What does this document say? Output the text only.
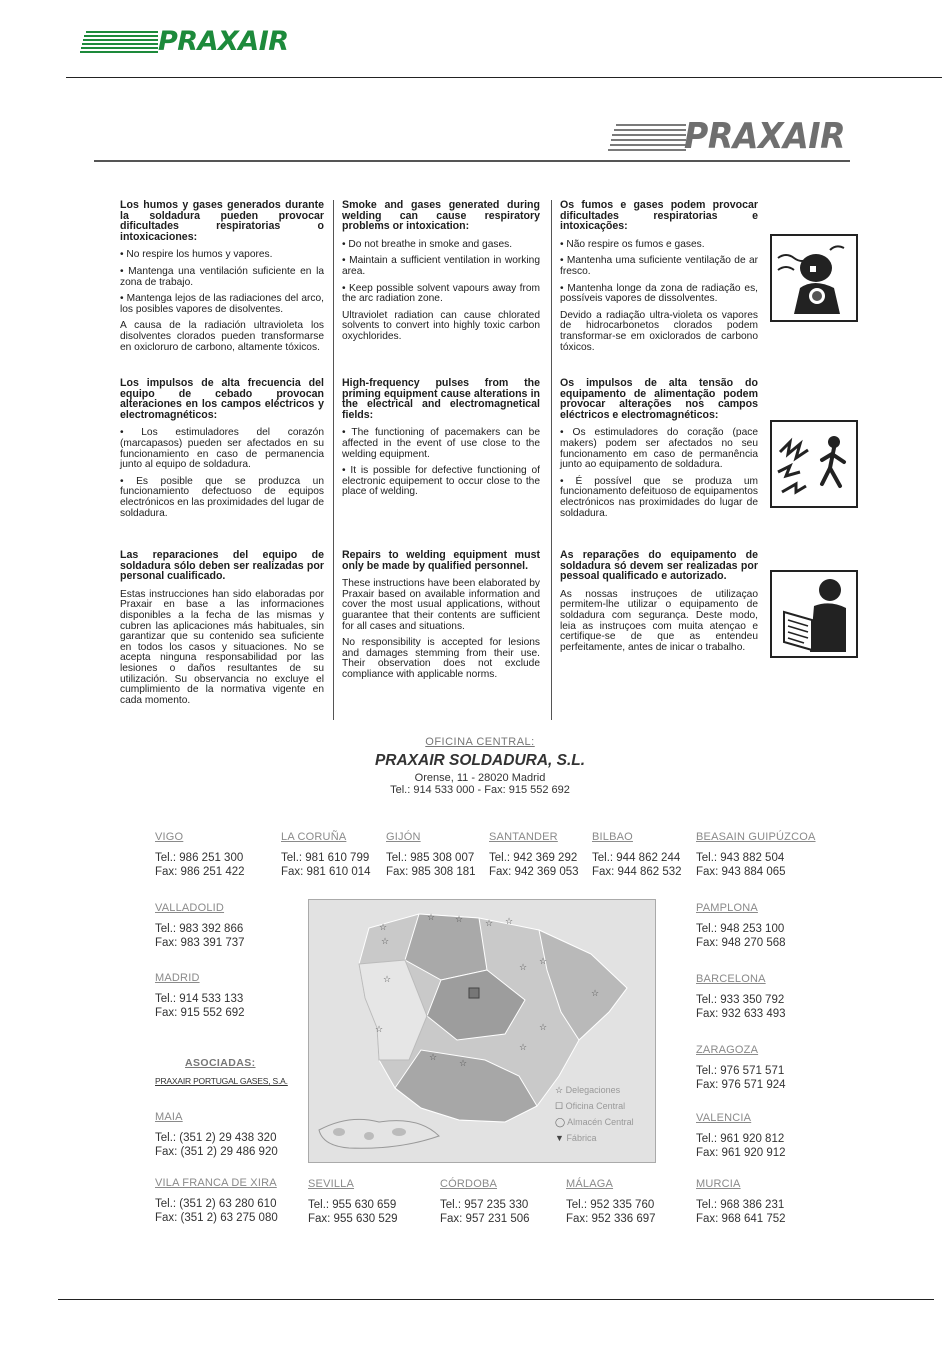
PRAXAIR
PRAXAIR
Los humos y gases generados durante la soldadura pueden provocar dificultades respiratorias o intoxicaciones:

• No respire los humos y vapores.

• Mantenga una ventilación suficiente en la zona de trabajo.

• Mantenga lejos de las radiaciones del arco, los posibles vapores de disolventes.

A causa de la radiación ultravioleta los disolventes clorados pueden transformarse en oxicloruro de carbono, altamente tóxicos.

Los impulsos de alta frecuencia del equipo de cebado provocan alteraciones en los campos eléctricos y electromagnéticos:

• Los estimuladores del corazón (marcapasos) pueden ser afectados en su funcionamiento en caso de permanencia junto al equipo de soldadura.

• Es posible que se produzca un funcionamiento defectuoso de equipos electrónicos en las proximidades del lugar de soldadura.

Las reparaciones del equipo de soldadura sólo deben ser realizadas por personal cualificado.

Estas instrucciones han sido elaboradas por Praxair en base a las informaciones disponibles a la fecha de las mismas y cubren las aplicaciones más habituales, sin garantizar que su contenido sea suficiente en todos los casos y situaciones. No se acepta ninguna responsabilidad por las lesiones o daños resultantes de su utilización. Su observancia no excluye el cumplimiento de la normativa vigente en cada momento.

Smoke and gases generated during welding can cause respiratory problems or intoxication:

• Do not breathe in smoke and gases.

• Maintain a sufficient ventilation in working area.

• Keep possible solvent vapours away from the arc radiation zone.

Ultraviolet radiation can cause chlorated solvents to convert into highly toxic carbon oxychlorides.

High-frequency pulses from the priming equipment cause alterations in the electrical and electromagnetical fields:

• The functioning of pacemakers can be affected in the event of use close to the welding equipment.

• It is possible for defective functioning of electronic equipement to occur close to the place of welding.

Repairs to welding equipment must only be made by qualified personnel.

These instructions have been elaborated by Praxair based on available information and cover the most usual applications, without guarantee that their contents are sufficient for all cases and situations.

No responsibility is accepted for lesions and damages stemming from their use. Their observation does not exclude compliance with applicable norms.

Os fumos e gases podem provocar dificultades respiratorias e intoxicações:

• Não respire os fumos e gases.

• Mantenha uma suficiente ventilação de ar fresco.

• Mantenha longe da zona de radiação es, possíveis vapores de dissolventes.

Devido a radiação ultra-violeta os vapores de hidrocarbonetos clorados podem transformar-se em oxiclorados de carbono tóxicos.

Os impulsos de alta tensão do equipamento de alimentação podem provocar alterações nos campos eléctricos e electromagnéticos:

• Os estimuladores do coração (pace makers) podem ser afectados no seu funcionamento em caso de permanência junto ao equipamento de soldadura.

• É possível que se produza um funcionamento defeituoso de equipamentos electrónicos nas proximidades do lugar de soldadura.

As reparações do equipamento de soldadura só devem ser realizadas por pessoal qualificado e autorizado.

As nossas instruçoes de utilizaçao permitem-lhe utilizar o equipamento de soldadura com segurança. Deste modo, leia as instruçoes com muita atençao e certifique-se de que as entendeu perfeitamente, antes de inicar o trabalho.

OFICINA CENTRAL:
PRAXAIR SOLDADURA, S.L.
Orense, 11 - 28020 Madrid
Tel.: 914 533 000 - Fax: 915 552 692
VIGO
Tel.: 986 251 300
Fax: 986 251 422
LA CORUÑA
Tel.: 981 610 799
Fax: 981 610 014
GIJÓN
Tel.: 985 308 007
Fax: 985 308 181
SANTANDER
Tel.: 942 369 292
Fax: 942 369 053
BILBAO
Tel.: 944 862 244
Fax: 944 862 532
BEASAIN GUIPÚZCOA
Tel.: 943 882 504
Fax: 943 884 065
VALLADOLID
Tel.: 983 392 866
Fax: 983 391 737
PAMPLONA
Tel.: 948 253 100
Fax: 948 270 568
MADRID
Tel.: 914 533 133
Fax: 915 552 692
BARCELONA
Tel.: 933 350 792
Fax: 932 633 493
ZARAGOZA
Tel.: 976 571 571
Fax: 976 571 924
ASOCIADAS:
PRAXAIR PORTUGAL GASES, S.A.
MAIA
Tel.: (351 2) 29 438 320
Fax: (351 2) 29 486 920
VALENCIA
Tel.: 961 920 812
Fax: 961 920 912
VILA FRANCA DE XIRA
Tel.: (351 2) 63 280 610
Fax: (351 2) 63 275 080
SEVILLA
Tel.: 955 630 659
Fax: 955 630 529
CÓRDOBA
Tel.: 957 235 330
Fax: 957 231 506
MÁLAGA
Tel.: 952 335 760
Fax: 952 336 697
MURCIA
Tel.: 968 386 231
Fax: 968 641 752
☆ ☆ ☆ ☆
☆
☆
☆
☆
☆
☆
☆
☆
☆
☆
☆
☆ Delegaciones
☐ Oficina Central
◯ Almacén Central
▼ Fábrica
